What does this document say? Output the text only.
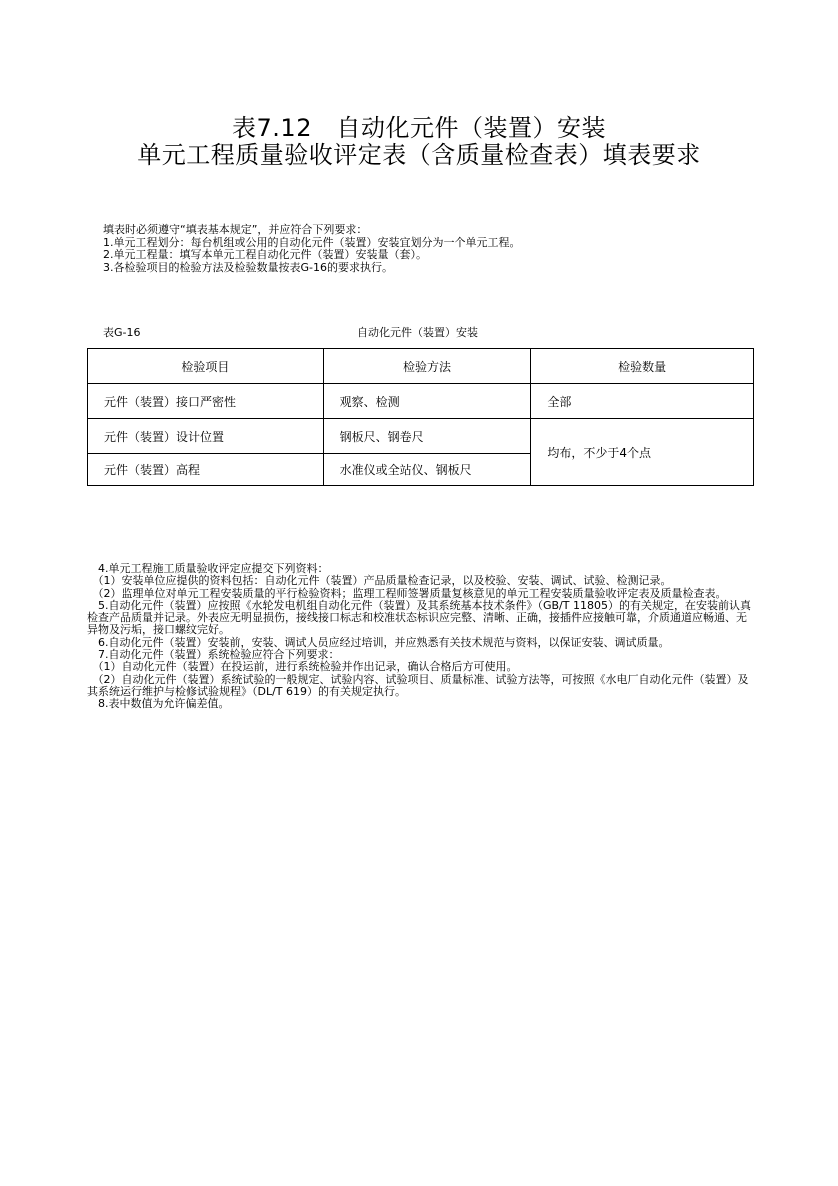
表7.12　自动化元件（装置）安装
单元工程质量验收评定表（含质量检查表）填表要求
填表时必须遵守“填表基本规定”，并应符合下列要求：
1.单元工程划分：每台机组或公用的自动化元件（装置）安装宜划分为一个单元工程。
2.单元工程量：填写本单元工程自动化元件（装置）安装量（套）。
3.各检验项目的检验方法及检验数量按表G-16的要求执行。
表G-16	自动化元件（装置）安装
检验项目	检验方法	检验数量
元件（装置）接口严密性	观察、检测	全部
元件（装置）设计位置	钢板尺、钢卷尺	均布，不少于4个点
元件（装置）高程	水准仪或全站仪、钢板尺	
　4.单元工程施工质量验收评定应提交下列资料：
　（1）安装单位应提供的资料包括：自动化元件（装置）产品质量检查记录，以及校验、安装、调试、试验、检测记录。
　（2）监理单位对单元工程安装质量的平行检验资料；监理工程师签署质量复核意见的单元工程安装质量验收评定表及质量检查表。
　5.自动化元件（装置）应按照《水轮发电机组自动化元件（装置）及其系统基本技术条件》（GB/T 11805）的有关规定，在安装前认真检查产品质量并记录。外表应无明显损伤，接线接口标志和校准状态标识应完整、清晰、正确，接插件应接触可靠，介质通道应畅通、无异物及污垢，接口螺纹完好。
　6.自动化元件（装置）安装前，安装、调试人员应经过培训，并应熟悉有关技术规范与资料，以保证安装、调试质量。
　7.自动化元件（装置）系统检验应符合下列要求：
　（1）自动化元件（装置）在投运前，进行系统检验并作出记录，确认合格后方可使用。
　（2）自动化元件（装置）系统试验的一般规定、试验内容、试验项目、质量标准、试验方法等，可按照《水电厂自动化元件（装置）及其系统运行维护与检修试验规程》（DL/T 619）的有关规定执行。
　8.表中数值为允许偏差值。
